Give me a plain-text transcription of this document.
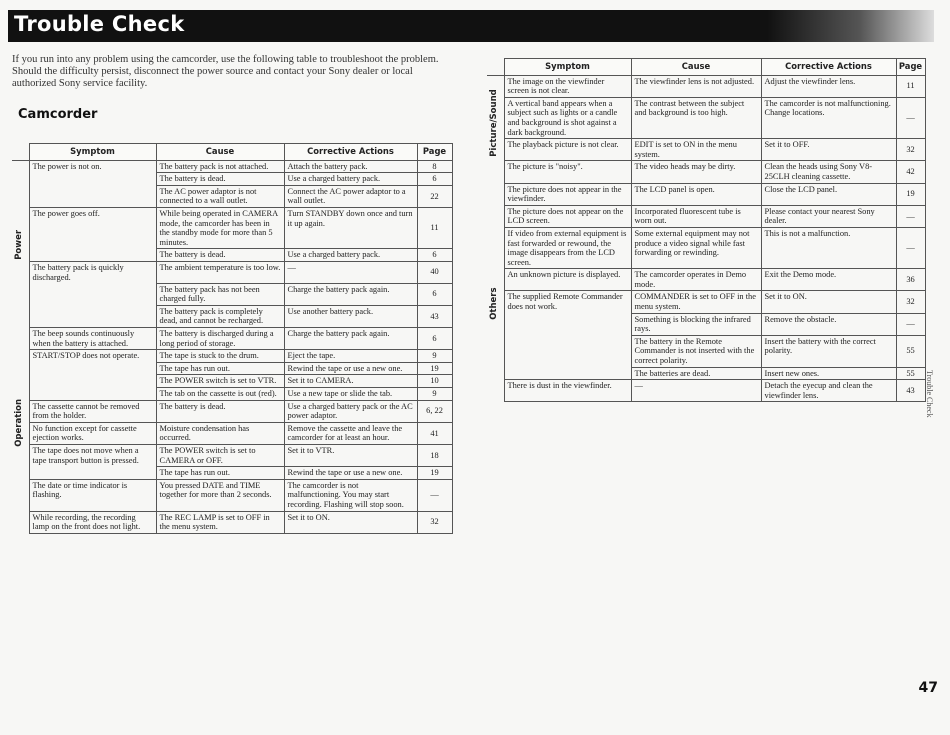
Trouble Check
If you run into any problem using the camcorder, use the following table to troubleshoot the problem. Should the difficulty persist, disconnect the power source and contact your Sony dealer or local authorized Sony service facility.
Camcorder
	Symptom	Cause	Corrective Actions	Page

Power	The power is not on.	The battery pack is not attached.	Attach the battery pack.	8
		The battery is dead.	Use a charged battery pack.	6
		The AC power adaptor is not connected to a wall outlet.	Connect the AC power adaptor to a wall outlet.	22
	The power goes off.	While being operated in CAMERA mode, the camcorder has been in the standby mode for more than 5 minutes.	Turn STANDBY down once and turn it up again.	11
		The battery is dead.	Use a charged battery pack.	6
	The battery pack is quickly discharged.	The ambient temperature is too low.	—	40
		The battery pack has not been charged fully.	Charge the battery pack again.	6
		The battery pack is completely dead, and cannot be recharged.	Use another battery pack.	43
	The beep sounds continuously when the battery is attached.	The battery is discharged during a long period of storage.	Charge the battery pack again.	6

Operation	START/STOP does not operate.	The tape is stuck to the drum.	Eject the tape.	9
		The tape has run out.	Rewind the tape or use a new one.	19
		The POWER switch is set to VTR.	Set it to CAMERA.	10
		The tab on the cassette is out (red).	Use a new tape or slide the tab.	9
	The cassette cannot be removed from the holder.	The battery is dead.	Use a charged battery pack or the AC power adaptor.	6, 22
	No function except for cassette ejection works.	Moisture condensation has occurred.	Remove the cassette and leave the camcorder for at least an hour.	41
	The tape does not move when a tape transport button is pressed.	The POWER switch is set to CAMERA or OFF.	Set it to VTR.	18
		The tape has run out.	Rewind the tape or use a new one.	19
	The date or time indicator is flashing.	You pressed DATE and TIME together for more than 2 seconds.	The camcorder is not malfunctioning. You may start recording. Flashing will stop soon.	—
	While recording, the recording lamp on the front does not light.	The REC LAMP is set to OFF in the menu system.	Set it to ON.	32
	Symptom	Cause	Corrective Actions	Page

Picture/Sound	The image on the viewfinder screen is not clear.	The viewfinder lens is not adjusted.	Adjust the viewfinder lens.	11
	A vertical band appears when a subject such as lights or a candle and background is shot against a dark background.	The contrast between the subject and background is too high.	The camcorder is not malfunctioning. Change locations.	—
	The playback picture is not clear.	EDIT is set to ON in the menu system.	Set it to OFF.	32
	The picture is "noisy".	The video heads may be dirty.	Clean the heads using Sony V8-25CLH cleaning cassette.	42
	The picture does not appear in the viewfinder.	The LCD panel is open.	Close the LCD panel.	19
	The picture does not appear on the LCD screen.	Incorporated fluorescent tube is worn out.	Please contact your nearest Sony dealer.	—

Others	If video from external equipment is fast forwarded or rewound, the image disappears from the LCD screen.	Some external equipment may not produce a video signal while fast forwarding or rewinding.	This is not a malfunction.	—
	An unknown picture is displayed.	The camcorder operates in Demo mode.	Exit the Demo mode.	36
	The supplied Remote Commander does not work.	COMMANDER is set to OFF in the menu system.	Set it to ON.	32
		Something is blocking the infrared rays.	Remove the obstacle.	—
		The battery in the Remote Commander is not inserted with the correct polarity.	Insert the battery with the correct polarity.	55
		The batteries are dead.	Insert new ones.	55
	There is dust in the viewfinder.	—	Detach the eyecup and clean the viewfinder lens.	43 Trouble Check
47
